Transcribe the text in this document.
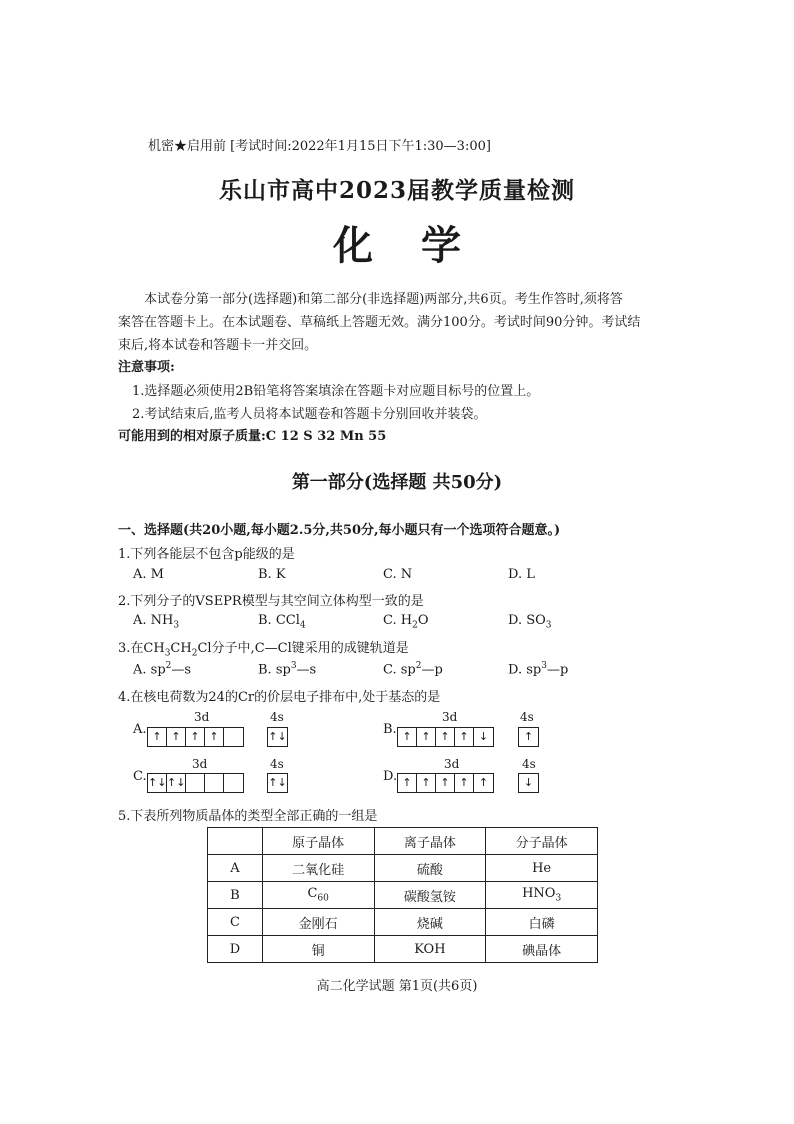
机密★启用前 [考试时间:2022年1月15日下午1:30—3:00]
乐山市高中2023届教学质量检测
化学
本试卷分第一部分(选择题)和第二部分(非选择题)两部分,共6页。考生作答时,须将答
案答在答题卡上。在本试题卷、草稿纸上答题无效。满分100分。考试时间90分钟。考试结
束后,将本试卷和答题卡一并交回。
注意事项:
1.选择题必须使用2B铅笔将答案填涂在答题卡对应题目标号的位置上。
2.考试结束后,监考人员将本试题卷和答题卡分别回收并装袋。
可能用到的相对原子质量:C 12 S 32 Mn 55
第一部分(选择题 共50分)
一、选择题(共20小题,每小题2.5分,共50分,每小题只有一个选项符合题意。)
1.下列各能层不包含p能级的是
A. M	B. K	C. N	D. L
2.下列分子的VSEPR模型与其空间立体构型一致的是
A. $NH_3$	B. CCl$_4$	C. $H_2O$	D. $SO_3$
3.在$CH_3CH_2Cl$分子中,C—Cl键采用的成键轨道是
A. $sp^2—s$	B. $sp^3—s$	C. $sp^2—p$	D. $sp^3—p$
4.在核电荷数为24的Cr的价层电子排布中,处于基态的是
A.
3d
↑ ↑ ↑ ↑
4s
↑↓	B.
3d
↑ ↑ ↑ ↑ ↓
4s
↑
C.
3d
↑↓ ↑↓
4s
↑↓	D.
3d
↑ ↑ ↑ ↑ ↑
4s
↓
5.下表所列物质晶体的类型全部正确的一组是
	原子晶体	离子晶体	分子晶体
A	二氧化硅	硫酸	He
B	$C_{60}$	碳酸氢铵	$HNO_3$
C	金刚石	烧碱	白磷
D	铜	KOH	碘晶体
高二化学试题 第1页(共6页)
